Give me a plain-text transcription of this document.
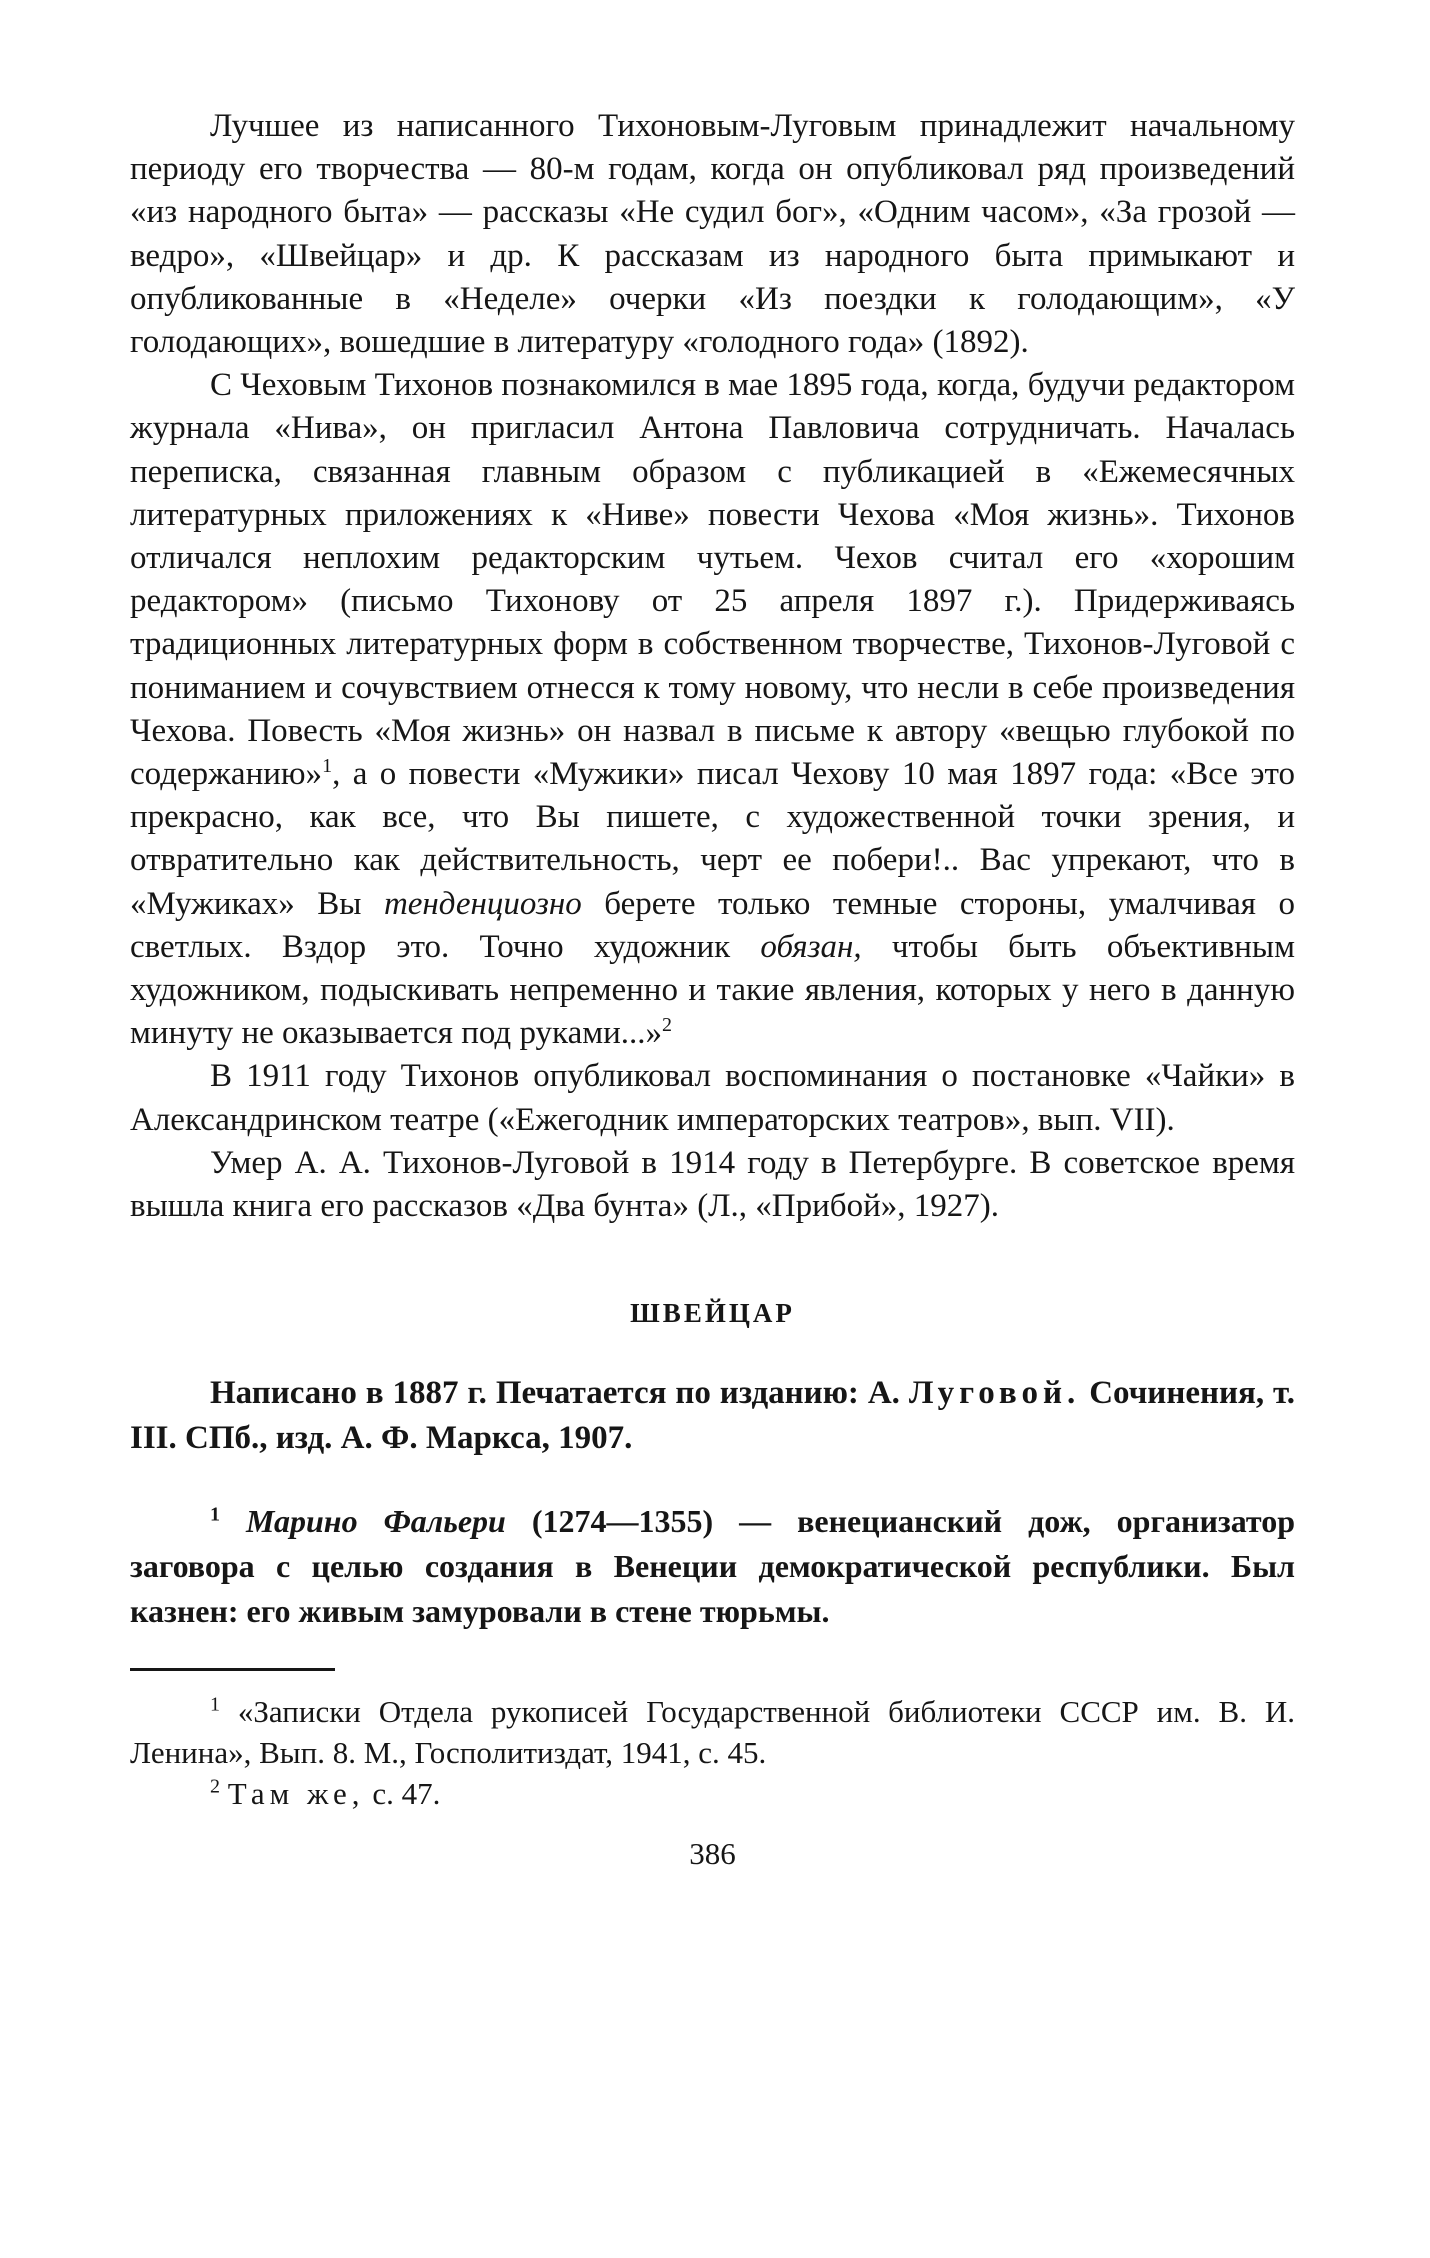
Лучшее из написанного Тихоновым-Луговым принадлежит начальному периоду его творчества — 80-м годам, когда он опубликовал ряд произведений «из народного быта» — рассказы «Не судил бог», «Одним часом», «За грозой — ведро», «Швейцар» и др. К рассказам из народного быта примыкают и опубликованные в «Неделе» очерки «Из поездки к голодающим», «У голодающих», вошедшие в литературу «голодного года» (1892).

С Чеховым Тихонов познакомился в мае 1895 года, когда, будучи редактором журнала «Нива», он пригласил Антона Павловича сотрудничать. Началась переписка, связанная главным образом с публикацией в «Ежемесячных литературных приложениях к «Ниве» повести Чехова «Моя жизнь». Тихонов отличался неплохим редакторским чутьем. Чехов считал его «хорошим редактором» (письмо Тихонову от 25 апреля 1897 г.). Придерживаясь традиционных литературных форм в собственном творчестве, Тихонов-Луговой с пониманием и сочувствием отнесся к тому новому, что несли в себе произведения Чехова. Повесть «Моя жизнь» он назвал в письме к автору «вещью глубокой по содержанию»$^1$, а о повести «Мужики» писал Чехову 10 мая 1897 года: «Все это прекрасно, как все, что Вы пишете, с художественной точки зрения, и отвратительно как действительность, черт ее побери!.. Вас упрекают, что в «Мужиках» Вы тенденциозно берете только темные стороны, умалчивая о светлых. Вздор это. Точно художник обязан, чтобы быть объективным художником, подыскивать непременно и такие явления, которых у него в данную минуту не оказывается под руками...»$^2$

В 1911 году Тихонов опубликовал воспоминания о постановке «Чайки» в Александринском театре («Ежегодник императорских театров», вып. VII).

Умер А. А. Тихонов-Луговой в 1914 году в Петербурге. В советское время вышла книга его рассказов «Два бунта» (Л., «Прибой», 1927).

ШВЕЙЦАР
Написано в 1887 г. Печатается по изданию: А. Луговой. Сочинения, т. III. СПб., изд. А. Ф. Маркса, 1907.
$^1$ Марино Фальери (1274—1355) — венецианский дож, организатор заговора с целью создания в Венеции демократической республики. Был казнен: его живым замуровали в стене тюрьмы.
$^1$ «Записки Отдела рукописей Государственной библиотеки СССР им. В. И. Ленина», Вып. 8. М., Госполитиздат, 1941, с. 45.
$^2$ Там же, с. 47.
386
